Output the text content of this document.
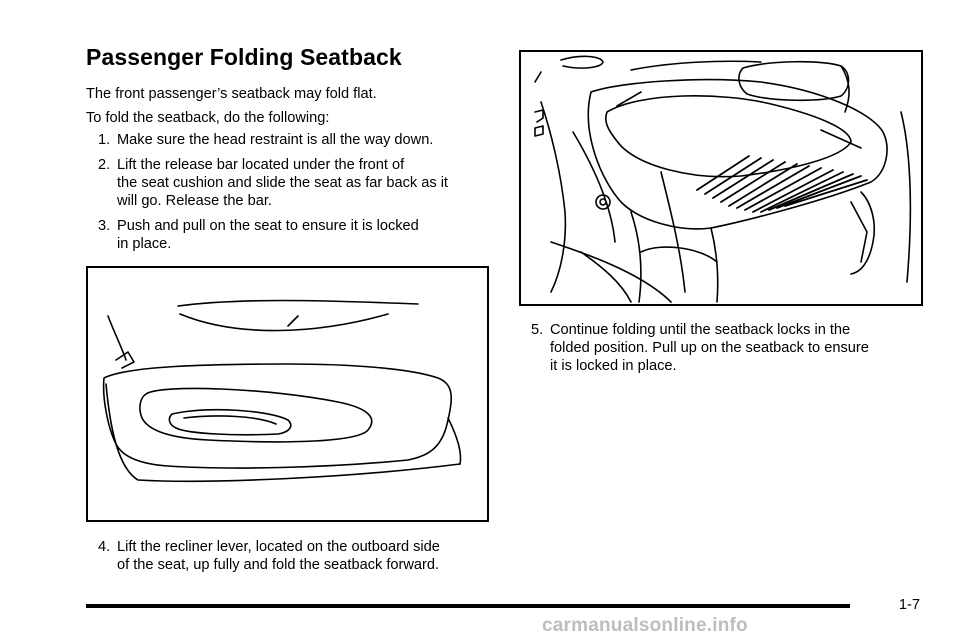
Passenger Folding Seatback

The front passenger’s seatback may fold flat.

To fold the seatback, do the following:

1. Make sure the head restraint is all the way down.
2. Lift the release bar located under the front of
the seat cushion and slide the seat as far back as it
will go. Release the bar.
3. Push and pull on the seat to ensure it is locked
in place.
4. Lift the recliner lever, located on the outboard side
of the seat, up fully and fold the seatback forward.
5. Continue folding until the seatback locks in the
folded position. Pull up on the seatback to ensure
it is locked in place.
1-7
carmanualsonline.info
